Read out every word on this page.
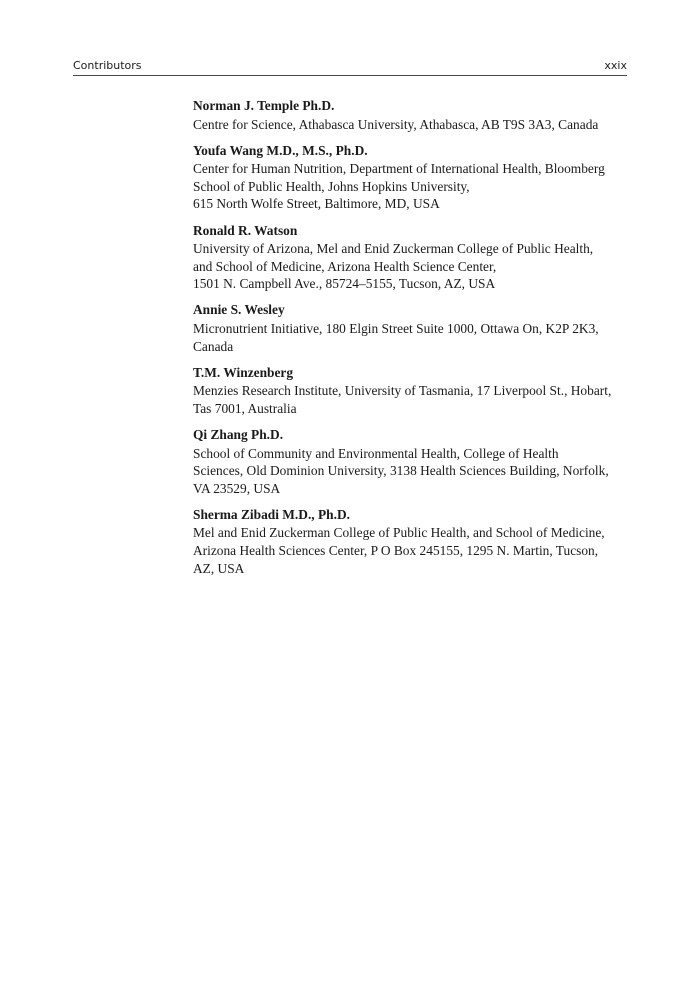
Contributors	xxix
Norman J. Temple Ph.D.
Centre for Science, Athabasca University, Athabasca, AB T9S 3A3, Canada
Youfa Wang M.D., M.S., Ph.D.
Center for Human Nutrition, Department of International Health, Bloomberg
School of Public Health, Johns Hopkins University,
615 North Wolfe Street, Baltimore, MD, USA
Ronald R. Watson
University of Arizona, Mel and Enid Zuckerman College of Public Health,
and School of Medicine, Arizona Health Science Center,
1501 N. Campbell Ave., 85724–5155, Tucson, AZ, USA
Annie S. Wesley
Micronutrient Initiative, 180 Elgin Street Suite 1000, Ottawa On, K2P 2K3,
Canada
T.M. Winzenberg
Menzies Research Institute, University of Tasmania, 17 Liverpool St., Hobart,
Tas 7001, Australia
Qi Zhang Ph.D.
School of Community and Environmental Health, College of Health
Sciences, Old Dominion University, 3138 Health Sciences Building, Norfolk,
VA 23529, USA
Sherma Zibadi M.D., Ph.D.
Mel and Enid Zuckerman College of Public Health, and School of Medicine,
Arizona Health Sciences Center, P O Box 245155, 1295 N. Martin, Tucson,
AZ, USA
